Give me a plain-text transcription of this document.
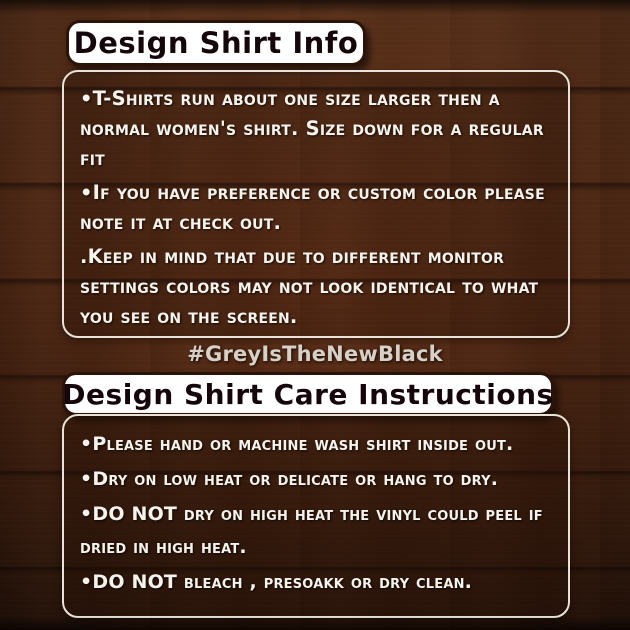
Design Shirt Info

•T-Shirts run about one size larger then a normal women's shirt. Size down for a regular fit

•If you have preference or custom color please note it at check out.

.Keep in mind that due to different monitor settings colors may not look identical to what you see on the screen.

#GreyIsTheNewBlack
Design Shirt Care Instructions

•Please hand or machine wash shirt inside out.

•Dry on low heat or delicate or hang to dry.

•DO NOT dry on high heat the vinyl could peel if dried in high heat.

•DO NOT bleach , presoakk or dry clean.
